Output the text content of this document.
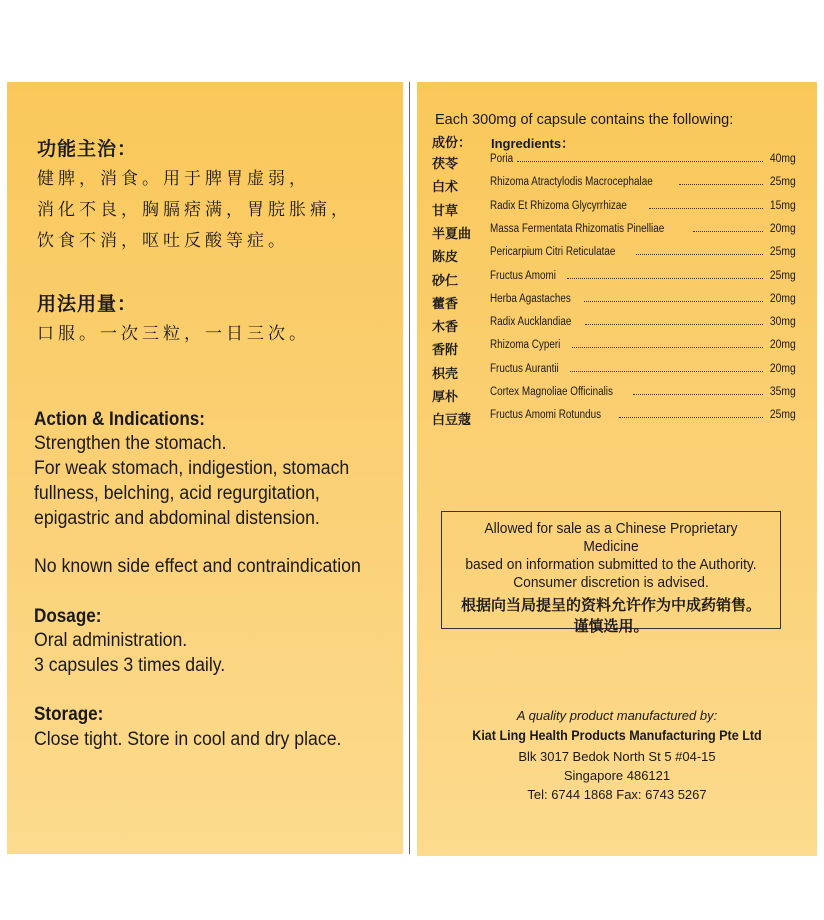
功能主治：
健脾，消食。用于脾胃虚弱，
消化不良，胸膈痞满，胃脘胀痛，
饮食不消，呕吐反酸等症。
用法用量：
口服。一次三粒，一日三次。
Action & Indications:
Strengthen the stomach.
For weak stomach, indigestion, stomach
fullness, belching, acid regurgitation,
epigastric and abdominal distension.
No known side effect and contraindication
Dosage:
Oral administration.
3 capsules 3 times daily.
Storage:
Close tight. Store in cool and dry place.
Each 300mg of capsule contains the following:
成份： Ingredients：
茯苓	Poria	40mg
白术	Rhizoma Atractylodis Macrocephalae	25mg
甘草	Radix Et Rhizoma Glycyrrhizae	15mg
半夏曲 Massa Fermentata Rhizomatis Pinelliae	20mg
陈皮	Pericarpium Citri Reticulatae	25mg
砂仁	Fructus Amomi	25mg
藿香	Herba Agastaches	20mg
木香	Radix Aucklandiae	30mg
香附	Rhizoma Cyperi	20mg
枳壳	Fructus Aurantii	20mg
厚朴	Cortex Magnoliae Officinalis	35mg
白豆蔻 Fructus Amomi Rotundus	25mg
Allowed for sale as a Chinese Proprietary Medicine
based on information submitted to the Authority.
Consumer discretion is advised.
根据向当局提呈的资料允许作为中成药销售。
谨慎选用。
A quality product manufactured by:
Kiat Ling Health Products Manufacturing Pte Ltd
Blk 3017 Bedok North St 5 #04-15
Singapore 486121
Tel: 6744 1868 Fax: 6743 5267
